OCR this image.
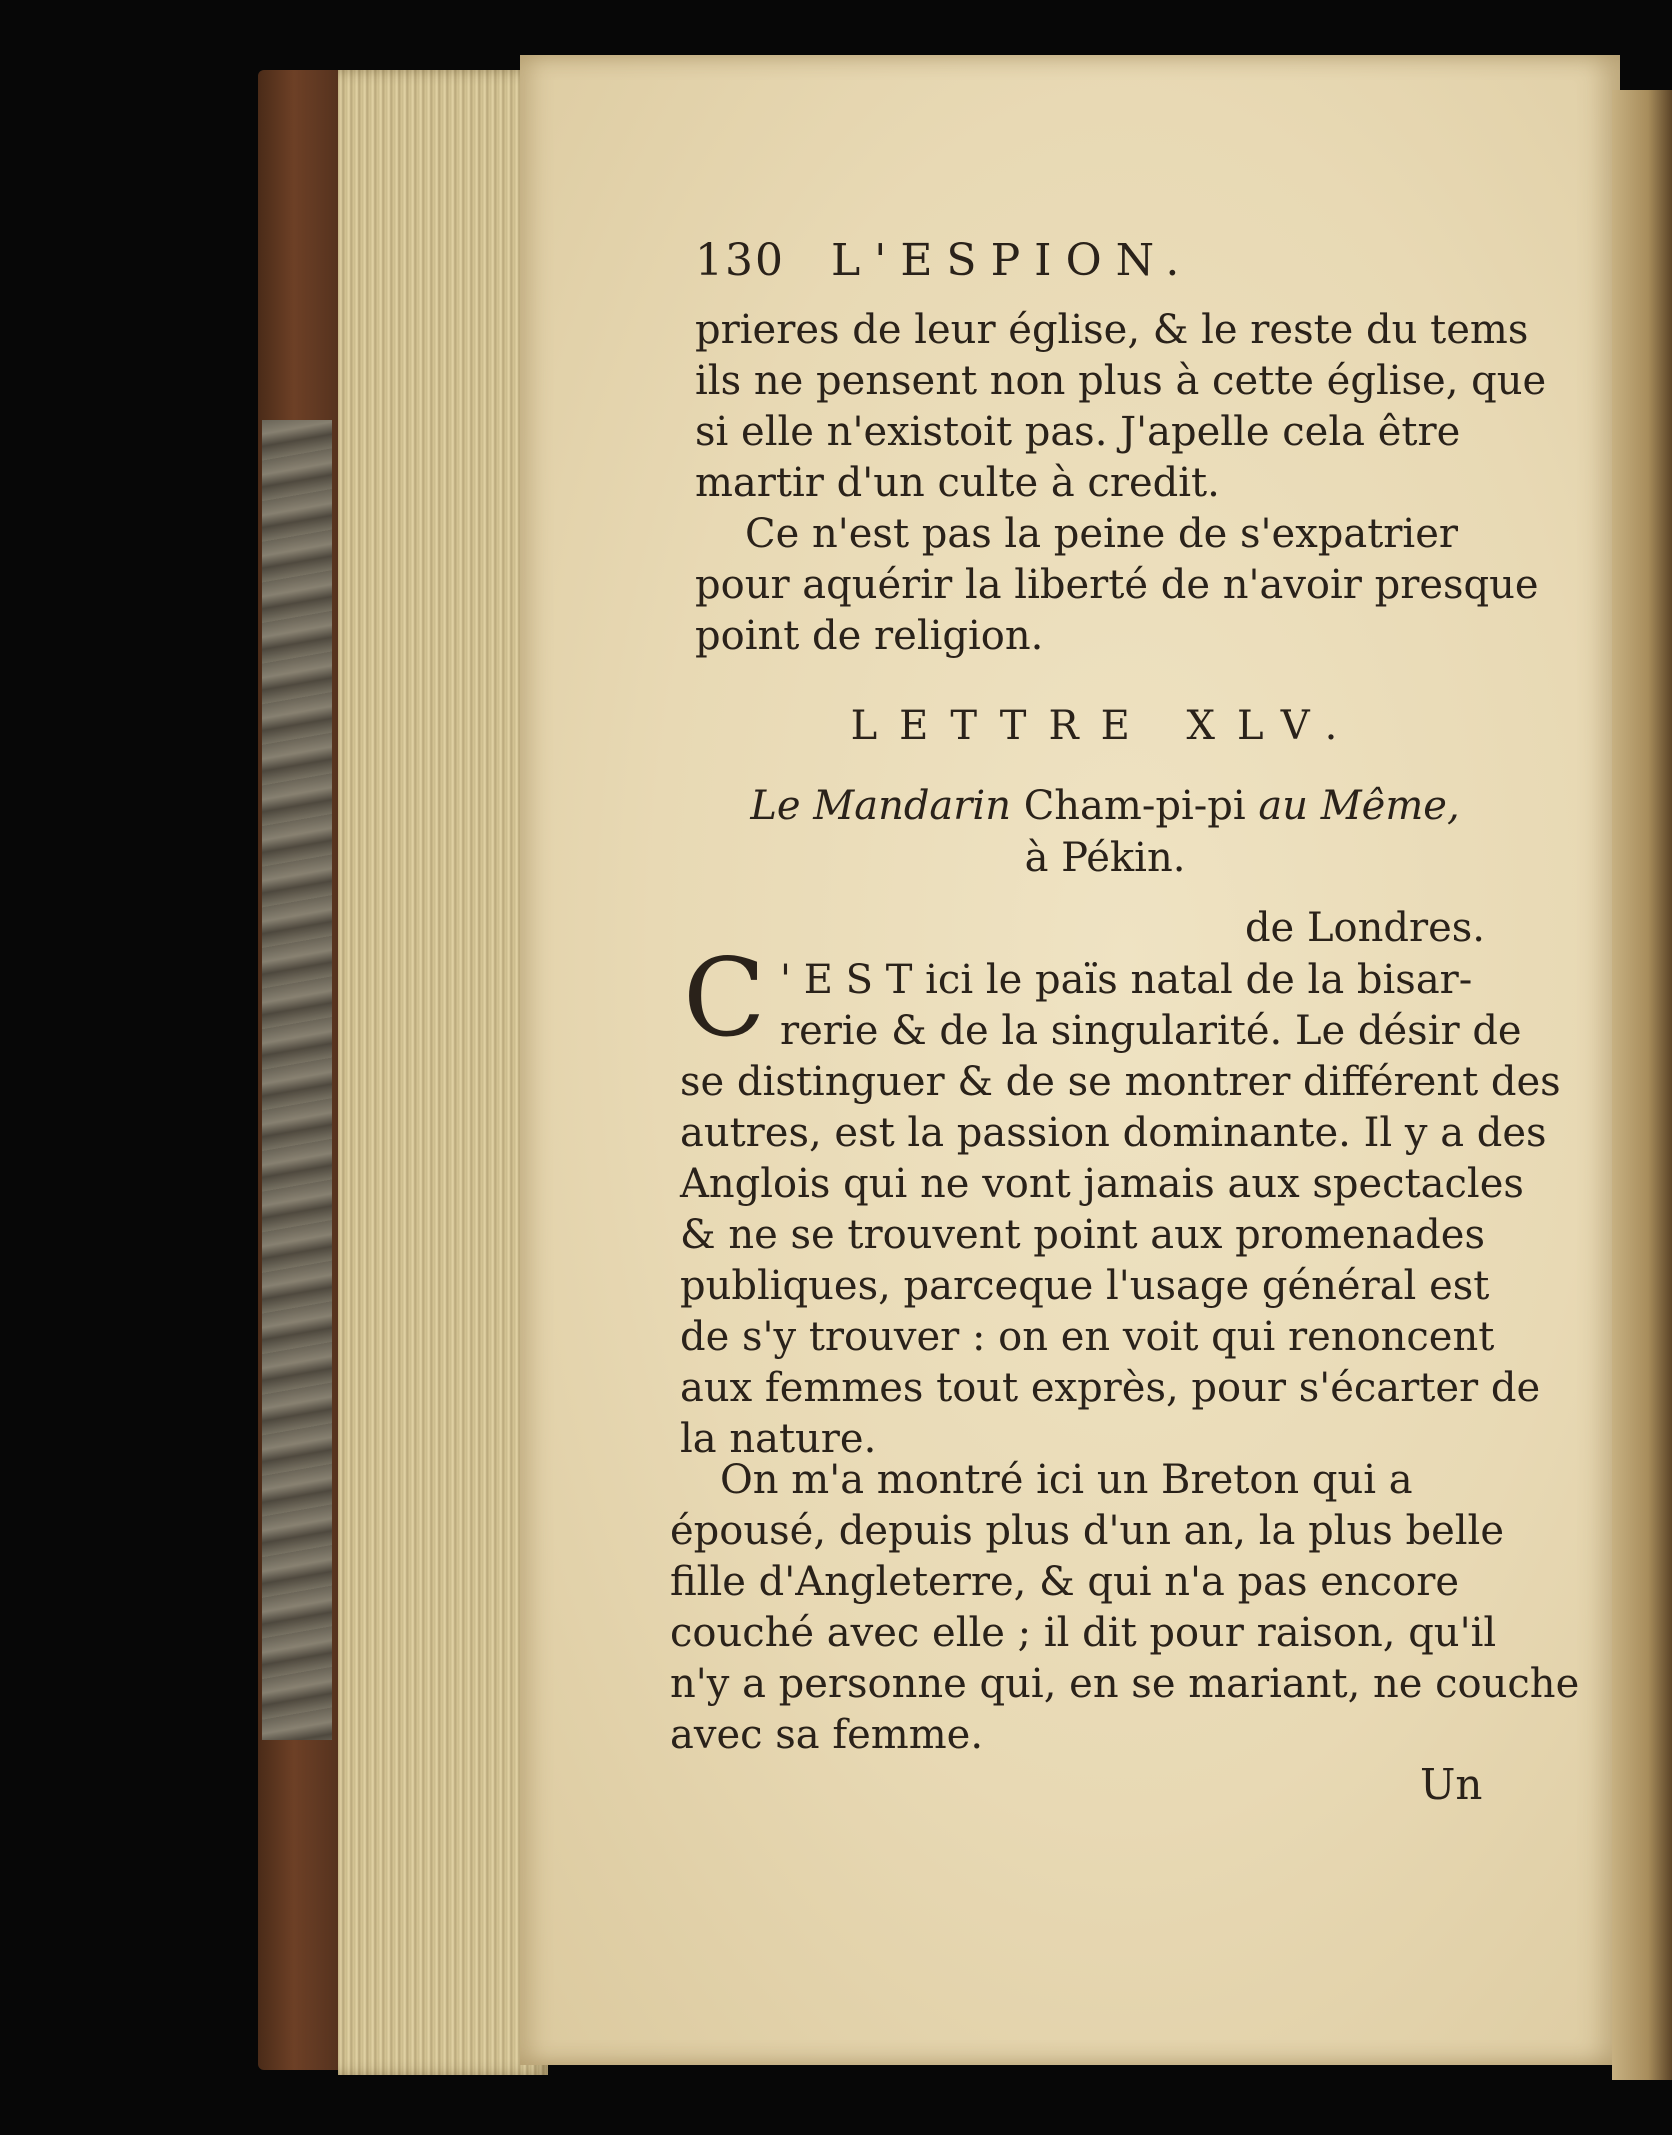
130 L'ESPION.
prieres de leur église, & le reste du tems
ils ne pensent non plus à cette église, que
si elle n'existoit pas. J'apelle cela être
martir d'un culte à credit.
Ce n'est pas la peine de s'expatrier
pour aquérir la liberté de n'avoir presque
point de religion.
LETTRE XLV.
Le Mandarin Cham-pi-pi au Même,
à Pékin.
de Londres.
C ' E S T ici le païs natal de la bisar-
rerie & de la singularité. Le désir de
se distinguer & de se montrer différent des
autres, est la passion dominante. Il y a des
Anglois qui ne vont jamais aux spectacles
& ne se trouvent point aux promenades
publiques, parceque l'usage général est
de s'y trouver : on en voit qui renoncent
aux femmes tout exprès, pour s'écarter de
la nature.
On m'a montré ici un Breton qui a
épousé, depuis plus d'un an, la plus belle
fille d'Angleterre, & qui n'a pas encore
couché avec elle ; il dit pour raison, qu'il
n'y a personne qui, en se mariant, ne couche
avec sa femme.
Un
